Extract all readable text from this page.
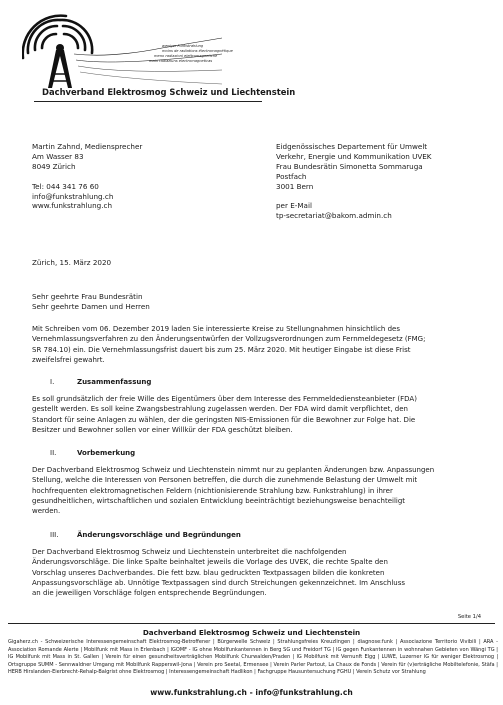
weniger Funkstrahlung
moins de radiations électromagnétique
meno radiazioni elettromagnetiche
main radiaziuns electromagneticas
Dachverband Elektrosmog Schweiz und Liechtenstein
Martin Zahnd, Mediensprecher
Am Wasser 83
8049 Zürich
Tel: 044 341 76 60
info@funkstrahlung.ch
www.funkstrahlung.ch
Eidgenössisches Departement für Umwelt
Verkehr, Energie und Kommunikation UVEK
Frau Bundesrätin Simonetta Sommaruga
Postfach
3001 Bern
per E-Mail
tp-secretariat@bakom.admin.ch
Zürich, 15. März 2020
Sehr geehrte Frau Bundesrätin
Sehr geehrte Damen und Herren
Mit Schreiben vom 06. Dezember 2019 laden Sie interessierte Kreise zu Stellungnahmen hinsichtlich des
Vernehmlassungsverfahren zu den Änderungsentwürfen der Vollzugsverordnungen zum Fernmeldegesetz (FMG;
SR 784.10) ein. Die Vernehmlassungsfrist dauert bis zum 25. März 2020. Mit heutiger Eingabe ist diese Frist
zweifelsfrei gewahrt.
I.	Zusammenfassung
Es soll grundsätzlich der freie Wille des Eigentümers über dem Interesse des Fernmeldediensteanbieter (FDA)
gestellt werden. Es soll keine Zwangsbestrahlung zugelassen werden. Der FDA wird damit verpflichtet, den
Standort für seine Anlagen zu wählen, der die geringsten NIS-Emissionen für die Bewohner zur Folge hat. Die
Besitzer und Bewohner sollen vor einer Willkür der FDA geschützt bleiben.
II.	Vorbemerkung
Der Dachverband Elektrosmog Schweiz und Liechtenstein nimmt nur zu geplanten Änderungen bzw. Anpassungen
Stellung, welche die Interessen von Personen betreffen, die durch die zunehmende Belastung der Umwelt mit
hochfrequenten elektromagnetischen Feldern (nichtionisierende Strahlung bzw. Funkstrahlung) in ihrer
gesundheitlichen, wirtschaftlichen und sozialen Entwicklung beeinträchtigt beziehungsweise benachteiligt
werden.
III.	Änderungsvorschläge und Begründungen
Der Dachverband Elektrosmog Schweiz und Liechtenstein unterbreitet die nachfolgenden
Änderungsvorschläge. Die linke Spalte beinhaltet jeweils die Vorlage des UVEK, die rechte Spalte den
Vorschlag unseres Dachverbandes. Die fett bzw. blau gedruckten Textpassagen bilden die konkreten
Anpassungsvorschläge ab. Unnötige Textpassagen sind durch Streichungen gekennzeichnet. Im Anschluss
an die jeweiligen Vorschläge folgen entsprechende Begründungen.
Seite 1/4
Dachverband Elektrosmog Schweiz und Liechtenstein
Gigaherz.ch - Schweizerische Interessengemeinschaft Elektrosmog-Betroffener | Bürgerwelle Schweiz | Strahlungsfreies Kreuzlingen | diagnose:funk | Associazione Territorio Vivibili | ARA - Association Romande Alerte | Mobilfunk mit Mass in Erlenbach | IGOMF - IG ohne Mobilfunkantennen in Berg SG und Freidorf TG | IG gegen Funkantennen in wohnnahen Gebieten von Wängi TG | IG Mobilfunk mit Mass in St. Gallen | Verein für einen gesundheitsverträglichen Mobilfunk Churwalden/Praden | IG Mobilfunk mit Vernunft Elgg | LUWE, Luzerner IG für weniger Elektrosmog | Ortsgruppe SUMM - Sennwaldner Umgang mit Mobilfunk Rapperswil-Jona | Verein pro Seetal, Ermensee | Verein Parler Partout, La Chaux de Fonds | Verein für (v)erträgliche Mobiltelefonie, Stäfa | HERB Hirslanden-Eierbrecht-Rehalp-Balgrist ohne Elektrosmog | Interessengemeinschaft Hadlikon | Fachgruppe Hausuntersuchung FGHU | Verein Schutz vor Strahlung
www.funkstrahlung.ch - info@funkstrahlung.ch
